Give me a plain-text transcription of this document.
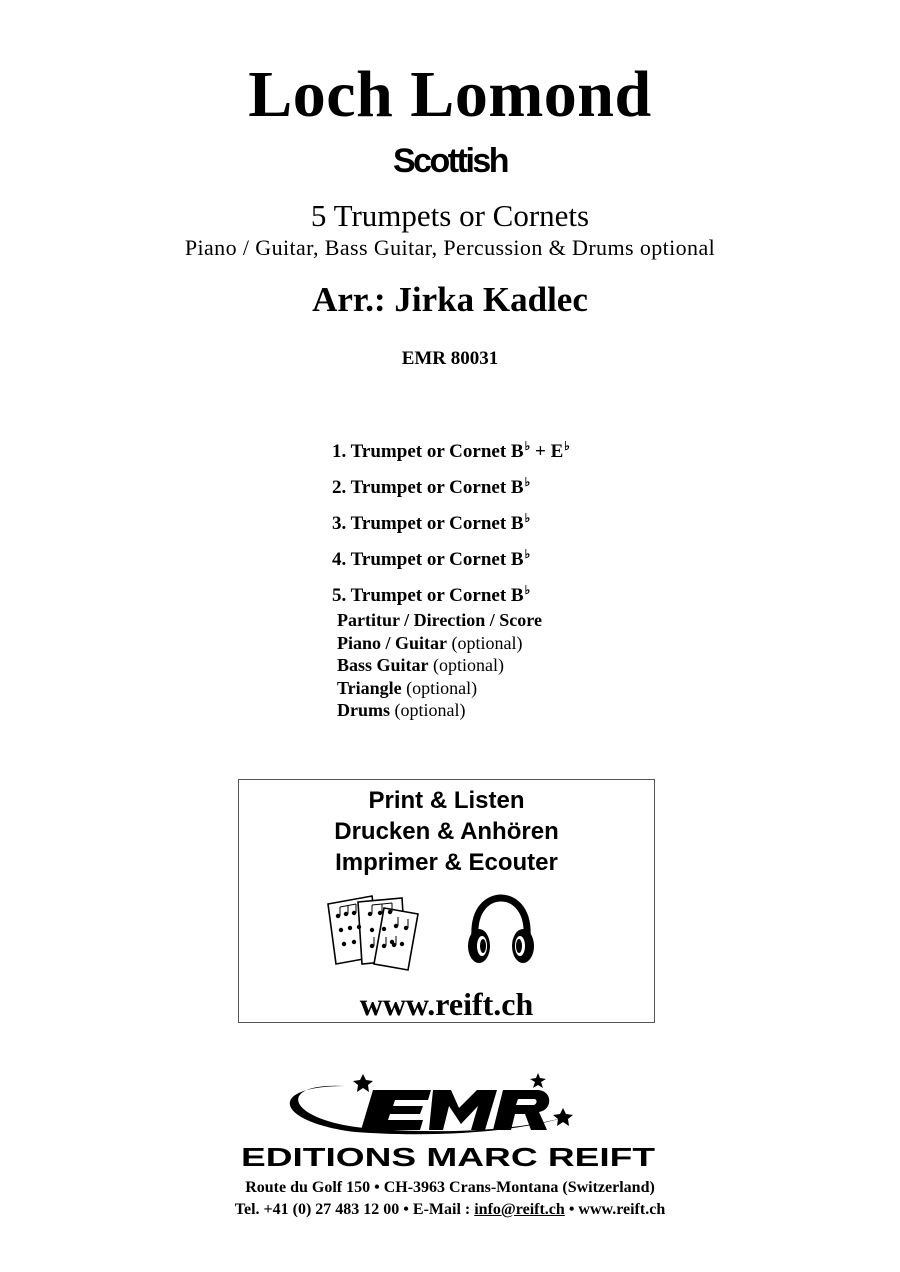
Loch Lomond
Scottish
5 Trumpets or Cornets
Piano / Guitar, Bass Guitar, Percussion & Drums optional
Arr.: Jirka Kadlec
EMR 80031
1. Trumpet or Cornet B♭ + E♭
2. Trumpet or Cornet B♭
3. Trumpet or Cornet B♭
4. Trumpet or Cornet B♭
5. Trumpet or Cornet B♭
Partitur / Direction / Score
Piano / Guitar (optional)
Bass Guitar (optional)
Triangle (optional)
Drums (optional)
Print & Listen
Drucken & Anhören
Imprimer & Ecouter
www.reift.ch
EDITIONS MARC REIFT
Route du Golf 150 • CH-3963 Crans-Montana (Switzerland)
Tel. +41 (0) 27 483 12 00 • E-Mail : info@reift.ch • www.reift.ch
